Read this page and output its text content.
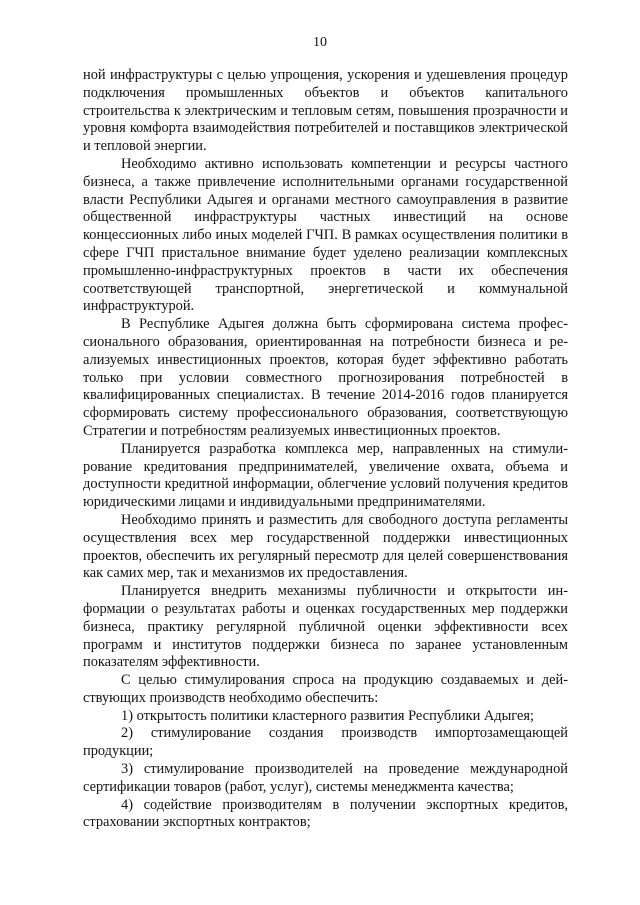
10

ной инфраструктуры с целью упрощения, ускорения и удешевления процедур подключения промышленных объектов и объектов капитального строительства к электрическим и тепловым сетям, повышения прозрачности и уровня комфорта взаимодействия потребителей и поставщиков электрической и тепловой энергии.

Необходимо активно использовать компетенции и ресурсы частного бизнеса, а также привлечение исполнительными органами государственной власти Республики Адыгея и органами местного самоуправления в развитие общественной инфраструктуры частных инвестиций на основе концессионных либо иных моделей ГЧП. В рамках осуществления политики в сфере ГЧП пристальное внимание будет уделено реализации комплексных промышленно-инфраструктурных проектов в части их обеспечения соответствующей транспортной, энергетической и коммунальной инфраструктурой.

В Республике Адыгея должна быть сформирована система профессионального образования, ориентированная на потребности бизнеса и реализуемых инвестиционных проектов, которая будет эффективно работать только при условии совместного прогнозирования потребностей в квалифицированных специалистах. В течение 2014-2016 годов планируется сформировать систему профессионального образования, соответствующую Стратегии и потребностям реализуемых инвестиционных проектов.

Планируется разработка комплекса мер, направленных на стимулирование кредитования предпринимателей, увеличение охвата, объема и доступности кредитной информации, облегчение условий получения кредитов юридическими лицами и индивидуальными предпринимателями.

Необходимо принять и разместить для свободного доступа регламенты осуществления всех мер государственной поддержки инвестиционных проектов, обеспечить их регулярный пересмотр для целей совершенствования как самих мер, так и механизмов их предоставления.

Планируется внедрить механизмы публичности и открытости информации о результатах работы и оценках государственных мер поддержки бизнеса, практику регулярной публичной оценки эффективности всех программ и институтов поддержки бизнеса по заранее установленным показателям эффективности.

С целью стимулирования спроса на продукцию создаваемых и действующих производств необходимо обеспечить:

1) открытость политики кластерного развития Республики Адыгея;

2) стимулирование создания производств импортозамещающей продукции;

3) стимулирование производителей на проведение международной сертификации товаров (работ, услуг), системы менеджмента качества;

4) содействие производителям в получении экспортных кредитов, страховании экспортных контрактов;
